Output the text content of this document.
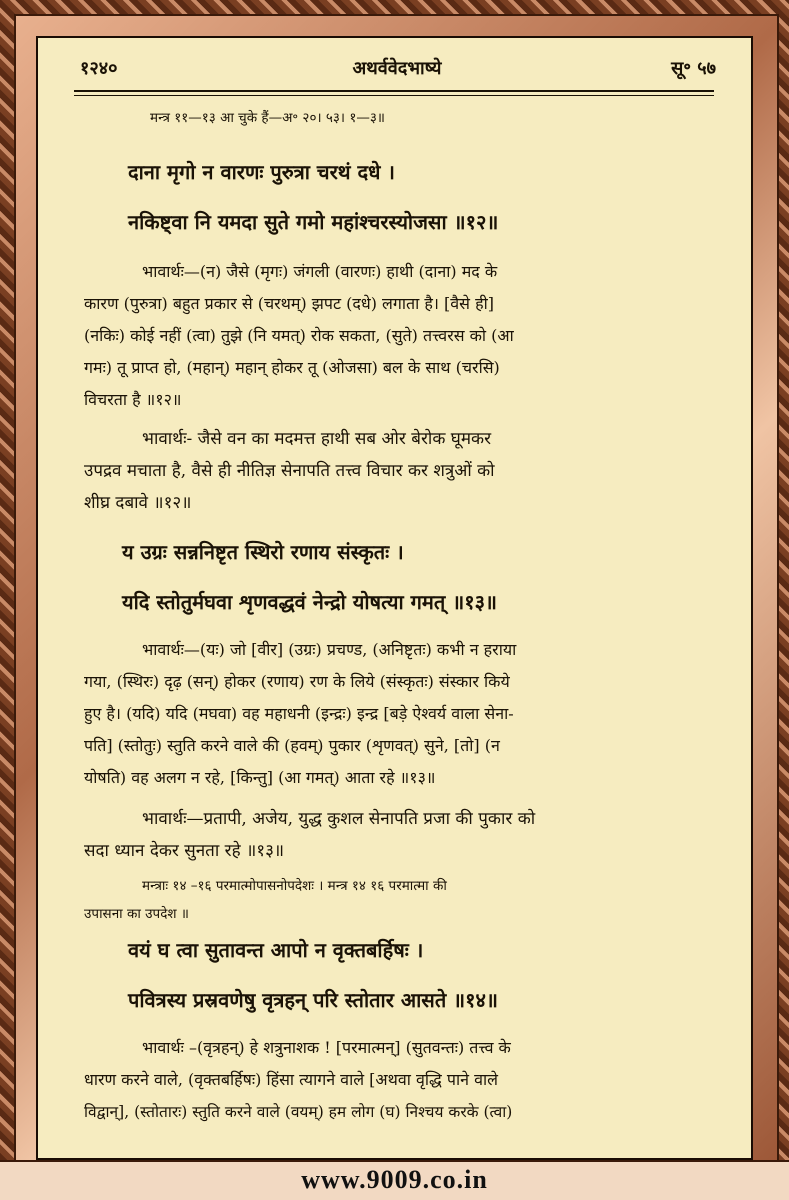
१२४०	अथर्ववेदभाष्ये	सू॰ ५७
मन्त्र ११—१३ आ चुके हैं—अ॰ २०। ५३। १—३॥
दाना मृगो न वारणः पुरुत्रा चरथं दधे ।
नकिष्ट्वा नि यमदा सुते गमो महांश्चरस्योजसा ॥१२॥
भावार्थः—(न) जैसे (मृगः) जंगली (वारणः) हाथी (दाना) मद के
कारण (पुरुत्रा) बहुत प्रकार से (चरथम्) झपट (दधे) लगाता है। [वैसे ही]
(नकिः) कोई नहीं (त्वा) तुझे (नि यमत्) रोक सकता, (सुते) तत्त्वरस को (आ
गमः) तू प्राप्त हो, (महान्) महान् होकर तू (ओजसा) बल के साथ (चरसि)
विचरता है ॥१२॥
भावार्थः- जैसे वन का मदमत्त हाथी सब ओर बेरोक घूमकर
उपद्रव मचाता है, वैसे ही नीतिज्ञ सेनापति तत्त्व विचार कर शत्रुओं को
शीघ्र दबावे ॥१२॥
य उग्रः सन्ननिष्टृत स्थिरो रणाय संस्कृतः ।
यदि स्तोतुर्मघवा शृणवद्धवं नेन्द्रो योषत्या गमत् ॥१३॥
भावार्थः—(यः) जो [वीर] (उग्रः) प्रचण्ड, (अनिष्टृतः) कभी न हराया
गया, (स्थिरः) दृढ़ (सन्) होकर (रणाय) रण के लिये (संस्कृतः) संस्कार किये
हुए है। (यदि) यदि (मघवा) वह महाधनी (इन्द्रः) इन्द्र [बड़े ऐश्वर्य वाला सेना-
पति] (स्तोतुः) स्तुति करने वाले की (हवम्) पुकार (शृणवत्) सुने, [तो] (न
योषति) वह अलग न रहे, [किन्तु] (आ गमत्) आता रहे ॥१३॥
भावार्थः—प्रतापी, अजेय, युद्ध कुशल सेनापति प्रजा की पुकार को
सदा ध्यान देकर सुनता रहे ॥१३॥
मन्त्राः १४ –१६ परमात्मोपासनोपदेशः । मन्त्र १४ १६ परमात्मा की
उपासना का उपदेश ॥
वयं घ त्वा सुतावन्त आपो न वृक्तबर्हिषः ।
पवित्रस्य प्रस्रवणेषु वृत्रहन् परि स्तोतार आसते ॥१४॥
भावार्थः –(वृत्रहन्) हे शत्रुनाशक ! [परमात्मन्] (सुतवन्तः) तत्त्व के
धारण करने वाले, (वृक्तबर्हिषः) हिंसा त्यागने वाले [अथवा वृद्धि पाने वाले
विद्वान्], (स्तोतारः) स्तुति करने वाले (वयम्) हम लोग (घ) निश्चय करके (त्वा)
www.9009.co.in
